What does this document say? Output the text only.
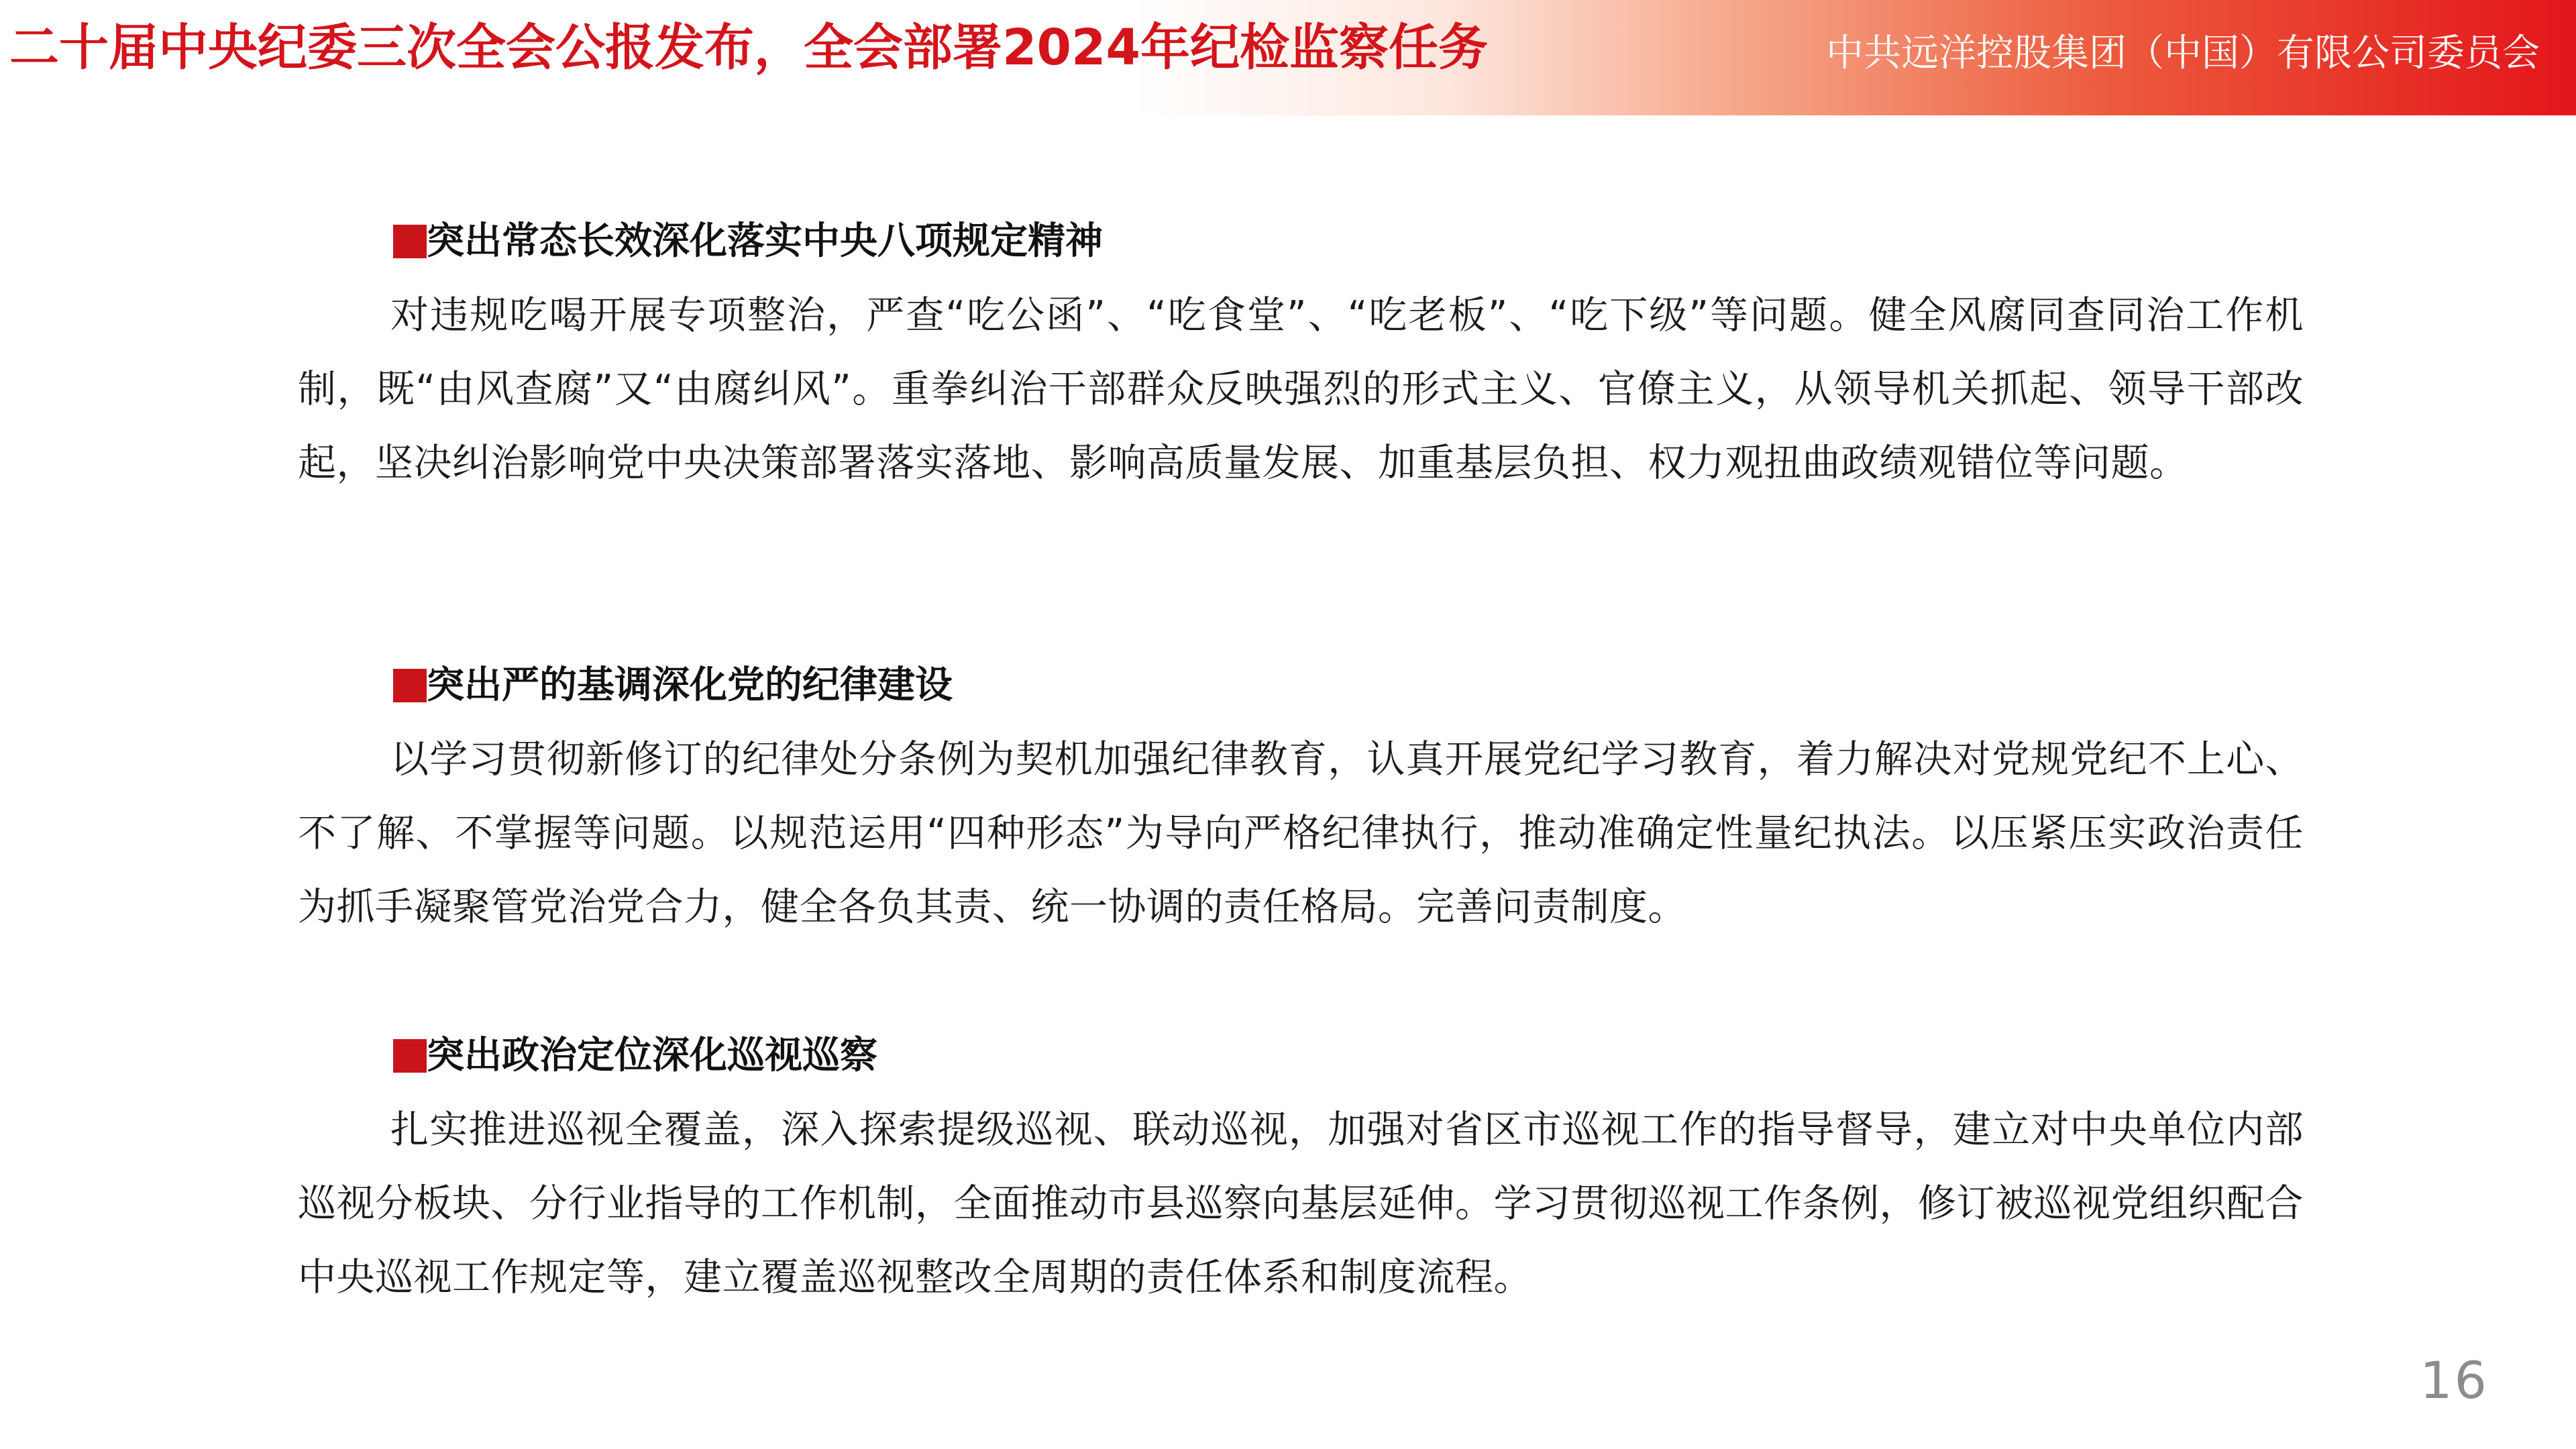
二十届中央纪委三次全会公报发布，全会部署2024年纪检监察任务	中共远洋控股集团（中国）有限公司委员会
突出常态长效深化落实中央八项规定精神

对违规吃喝开展专项整治，严查“吃公函”、“吃食堂”、“吃老板”、“吃下级”等问题。健全风腐同查同治工作机制，既“由风查腐”又“由腐纠风”。重拳纠治干部群众反映强烈的形式主义、官僚主义，从领导机关抓起、领导干部改起，坚决纠治影响党中央决策部署落实落地、影响高质量发展、加重基层负担、权力观扭曲政绩观错位等问题。

突出严的基调深化党的纪律建设

以学习贯彻新修订的纪律处分条例为契机加强纪律教育，认真开展党纪学习教育，着力解决对党规党纪不上心、不了解、不掌握等问题。以规范运用“四种形态”为导向严格纪律执行，推动准确定性量纪执法。以压紧压实政治责任为抓手凝聚管党治党合力，健全各负其责、统一协调的责任格局。完善问责制度。

突出政治定位深化巡视巡察

扎实推进巡视全覆盖，深入探索提级巡视、联动巡视，加强对省区市巡视工作的指导督导，建立对中央单位内部巡视分板块、分行业指导的工作机制，全面推动市县巡察向基层延伸。学习贯彻巡视工作条例，修订被巡视党组织配合中央巡视工作规定等，建立覆盖巡视整改全周期的责任体系和制度流程。

16
